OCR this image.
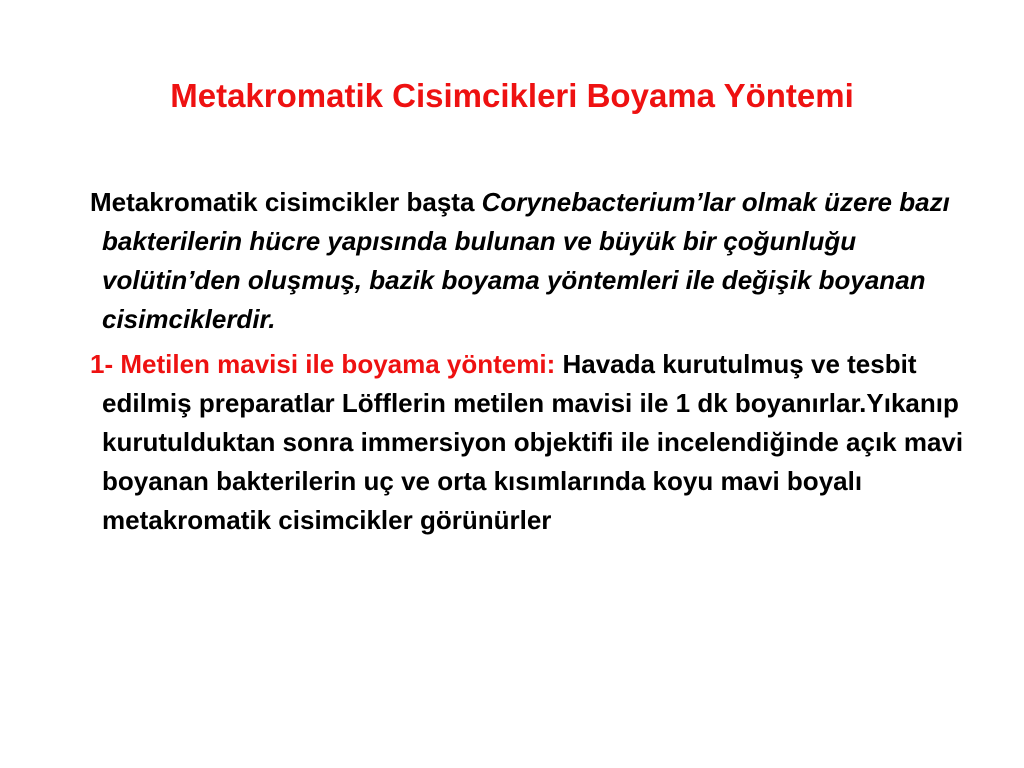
Metakromatik Cisimcikleri Boyama Yöntemi

Metakromatik cisimcikler başta Corynebacterium’lar olmak üzere bazı bakterilerin hücre yapısında bulunan ve büyük bir çoğunluğu volütin’den oluşmuş, bazik boyama yöntemleri ile değişik boyanan cisimciklerdir.

1- Metilen mavisi ile boyama yöntemi: Havada kurutulmuş ve tesbit edilmiş preparatlar Löfflerin metilen mavisi ile 1 dk boyanırlar.Yıkanıp kurutulduktan sonra immersiyon objektifi ile incelendiğinde açık mavi boyanan bakterilerin uç ve orta kısımlarında koyu mavi boyalı metakromatik cisimcikler görünürler
